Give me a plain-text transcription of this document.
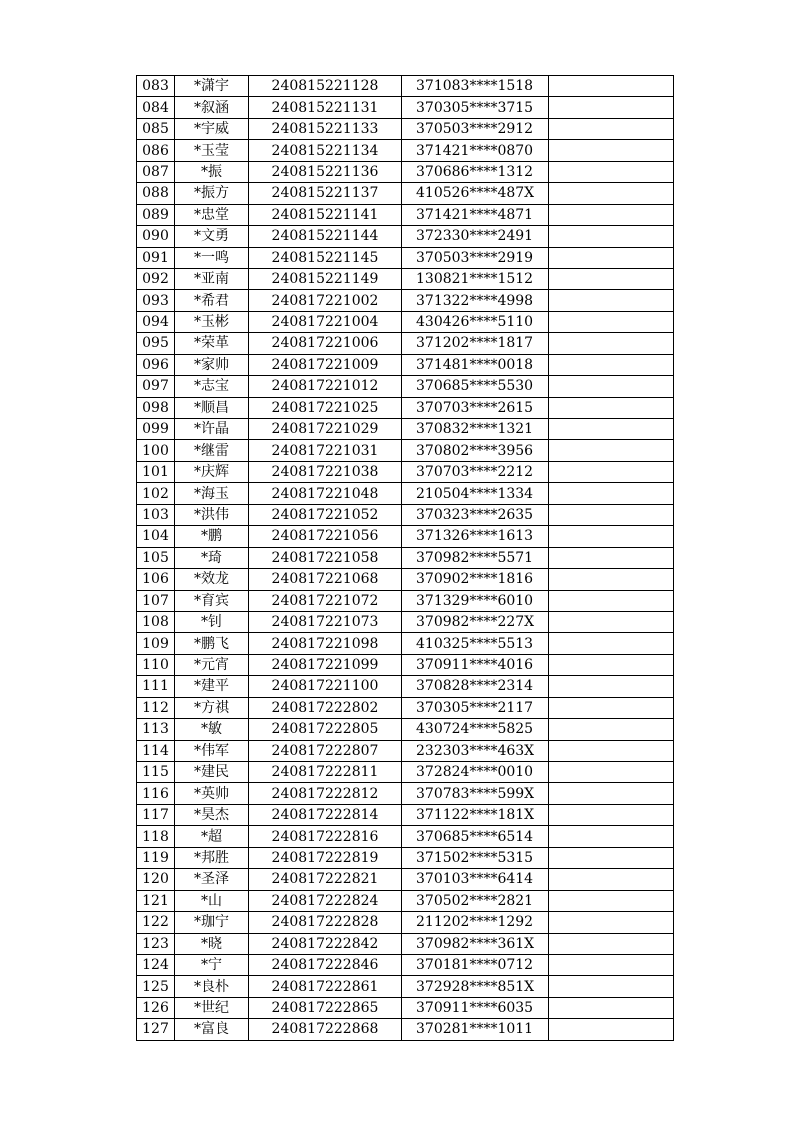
083	*潇宇	240815221128	371083****1518	
084	*叙涵	240815221131	370305****3715	
085	*宇威	240815221133	370503****2912	
086	*玉莹	240815221134	371421****0870	
087	*振	240815221136	370686****1312	
088	*振方	240815221137	410526****487X	
089	*忠堂	240815221141	371421****4871	
090	*文勇	240815221144	372330****2491	
091	*一鸣	240815221145	370503****2919	
092	*亚南	240815221149	130821****1512	
093	*希君	240817221002	371322****4998	
094	*玉彬	240817221004	430426****5110	
095	*荣革	240817221006	371202****1817	
096	*家帅	240817221009	371481****0018	
097	*志宝	240817221012	370685****5530	
098	*顺昌	240817221025	370703****2615	
099	*许晶	240817221029	370832****1321	
100	*继雷	240817221031	370802****3956	
101	*庆辉	240817221038	370703****2212	
102	*海玉	240817221048	210504****1334	
103	*洪伟	240817221052	370323****2635	
104	*鹏	240817221056	371326****1613	
105	*琦	240817221058	370982****5571	
106	*效龙	240817221068	370902****1816	
107	*育宾	240817221072	371329****6010	
108	*钊	240817221073	370982****227X	
109	*鹏飞	240817221098	410325****5513	
110	*元宵	240817221099	370911****4016	
111	*建平	240817221100	370828****2314	
112	*方祺	240817222802	370305****2117	
113	*敏	240817222805	430724****5825	
114	*伟军	240817222807	232303****463X	
115	*建民	240817222811	372824****0010	
116	*英帅	240817222812	370783****599X	
117	*昊杰	240817222814	371122****181X	
118	*超	240817222816	370685****6514	
119	*邦胜	240817222819	371502****5315	
120	*圣泽	240817222821	370103****6414	
121	*山	240817222824	370502****2821	
122	*珈宁	240817222828	211202****1292	
123	*晓	240817222842	370982****361X	
124	*宁	240817222846	370181****0712	
125	*良朴	240817222861	372928****851X	
126	*世纪	240817222865	370911****6035	
127	*富良	240817222868	370281****1011	
